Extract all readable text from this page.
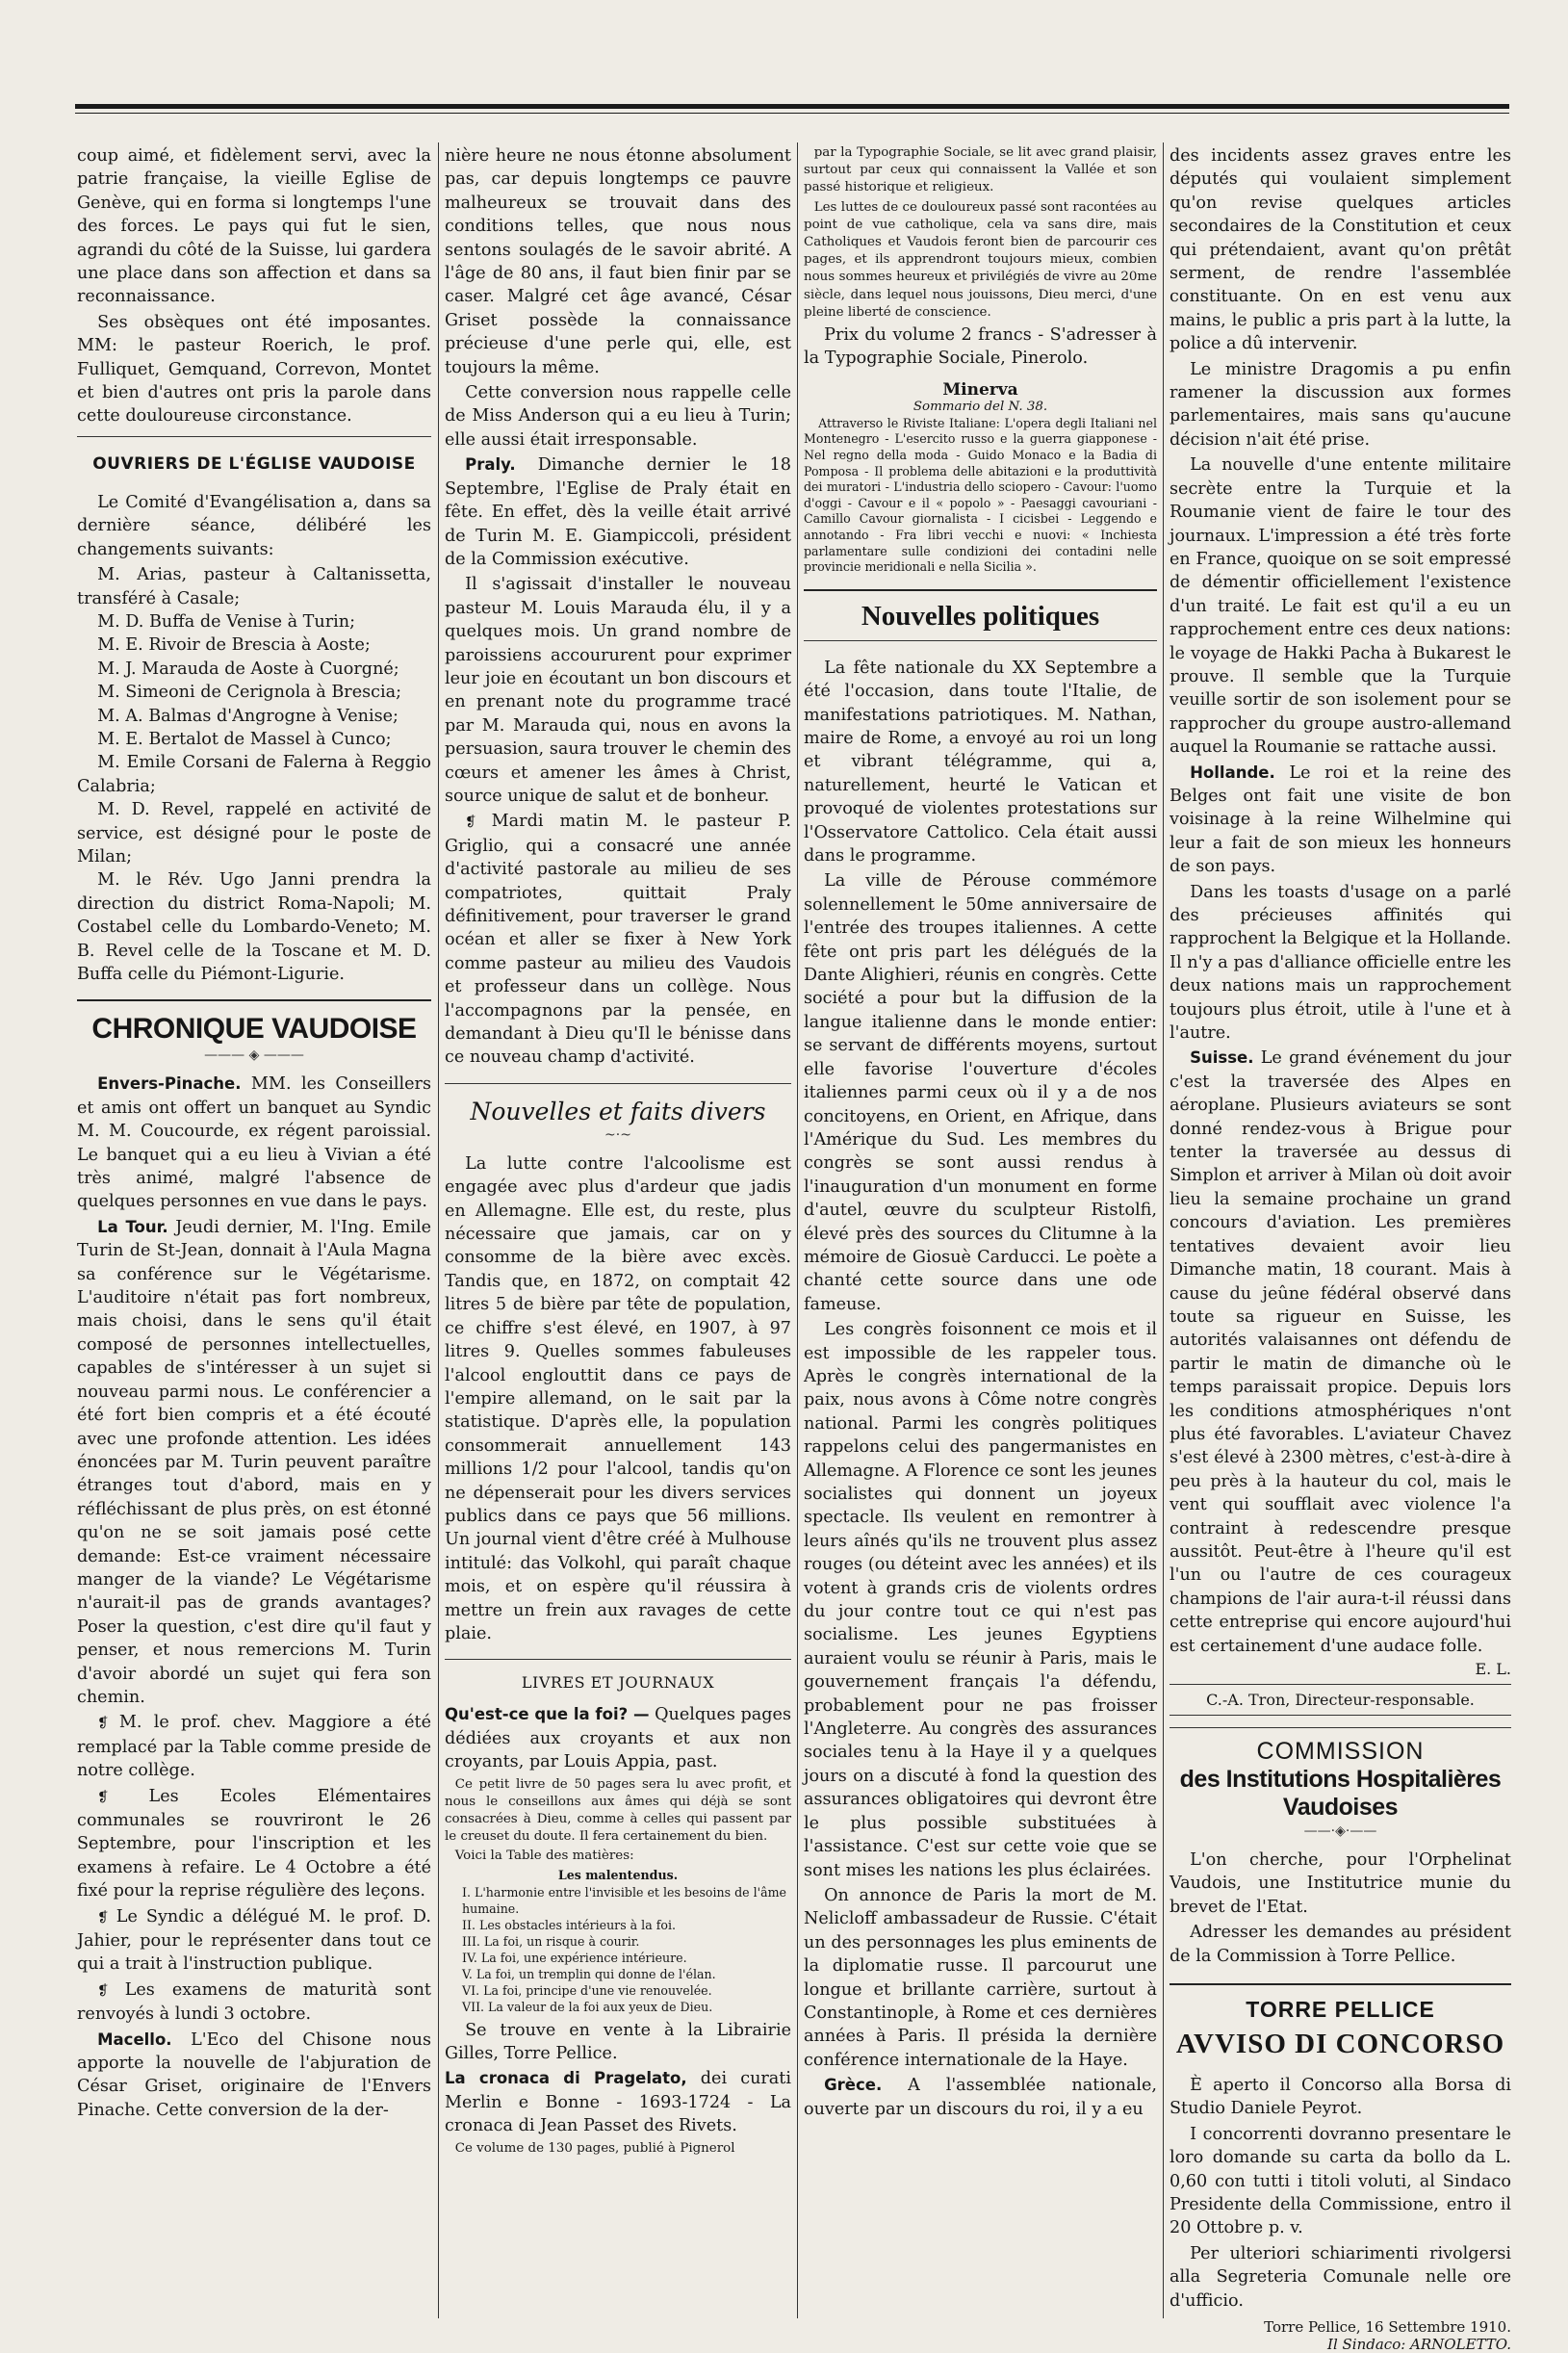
coup aimé, et fidèlement servi, avec la patrie française, la vieille Eglise de Genève, qui en forma si longtemps l'une des forces. Le pays qui fut le sien, agrandi du côté de la Suisse, lui gardera une place dans son affection et dans sa reconnaissance.

Ses obsèques ont été imposantes. MM: le pasteur Roerich, le prof. Fulliquet, Gemquand, Correvon, Montet et bien d'autres ont pris la parole dans cette douloureuse circonstance.

OUVRIERS DE L'ÉGLISE VAUDOISE

Le Comité d'Evangélisation a, dans sa dernière séance, délibéré les changements suivants:

M. Arias, pasteur à Caltanissetta, transféré à Casale;
M. D. Buffa de Venise à Turin;
M. E. Rivoir de Brescia à Aoste;
M. J. Marauda de Aoste à Cuorgné;
M. Simeoni de Cerignola à Brescia;
M. A. Balmas d'Angrogne à Venise;
M. E. Bertalot de Massel à Cunco;
M. Emile Corsani de Falerna à Reggio Calabria;
M. D. Revel, rappelé en activité de service, est désigné pour le poste de Milan;
M. le Rév. Ugo Janni prendra la direction du district Roma-Napoli; M. Costabel celle du Lombardo-Veneto; M. B. Revel celle de la Toscane et M. D. Buffa celle du Piémont-Ligurie.
CHRONIQUE VAUDOISE
——— ◈ ———

Envers-Pinache. MM. les Conseillers et amis ont offert un banquet au Syndic M. M. Coucourde, ex régent paroissial. Le banquet qui a eu lieu à Vivian a été très animé, malgré l'absence de quelques personnes en vue dans le pays.

La Tour. Jeudi dernier, M. l'Ing. Emile Turin de St-Jean, donnait à l'Aula Magna sa conférence sur le Végétarisme. L'auditoire n'était pas fort nombreux, mais choisi, dans le sens qu'il était composé de personnes intellectuelles, capables de s'intéresser à un sujet si nouveau parmi nous. Le conférencier a été fort bien compris et a été écouté avec une profonde attention. Les idées énoncées par M. Turin peuvent paraître étranges tout d'abord, mais en y réfléchissant de plus près, on est étonné qu'on ne se soit jamais posé cette demande: Est-ce vraiment nécessaire manger de la viande? Le Végétarisme n'aurait-il pas de grands avantages? Poser la question, c'est dire qu'il faut y penser, et nous remercions M. Turin d'avoir abordé un sujet qui fera son chemin.

❡ M. le prof. chev. Maggiore a été remplacé par la Table comme preside de notre collège.

❡ Les Ecoles Elémentaires communales se rouvriront le 26 Septembre, pour l'inscription et les examens à refaire. Le 4 Octobre a été fixé pour la reprise régulière des leçons.

❡ Le Syndic a délégué M. le prof. D. Jahier, pour le représenter dans tout ce qui a trait à l'instruction publique.

❡ Les examens de maturità sont renvoyés à lundi 3 octobre.

Macello. L'Eco del Chisone nous apporte la nouvelle de l'abjuration de César Griset, originaire de l'Envers Pinache. Cette conversion de la der-

nière heure ne nous étonne absolument pas, car depuis longtemps ce pauvre malheureux se trouvait dans des conditions telles, que nous nous sentons soulagés de le savoir abrité. A l'âge de 80 ans, il faut bien finir par se caser. Malgré cet âge avancé, César Griset possède la connaissance précieuse d'une perle qui, elle, est toujours la même.

Cette conversion nous rappelle celle de Miss Anderson qui a eu lieu à Turin; elle aussi était irresponsable.

Praly. Dimanche dernier le 18 Septembre, l'Eglise de Praly était en fête. En effet, dès la veille était arrivé de Turin M. E. Giampiccoli, président de la Commission exécutive.

Il s'agissait d'installer le nouveau pasteur M. Louis Marauda élu, il y a quelques mois. Un grand nombre de paroissiens accoururent pour exprimer leur joie en écoutant un bon discours et en prenant note du programme tracé par M. Marauda qui, nous en avons la persuasion, saura trouver le chemin des cœurs et amener les âmes à Christ, source unique de salut et de bonheur.

❡ Mardi matin M. le pasteur P. Griglio, qui a consacré une année d'activité pastorale au milieu de ses compatriotes, quittait Praly définitivement, pour traverser le grand océan et aller se fixer à New York comme pasteur au milieu des Vaudois et professeur dans un collège. Nous l'accompagnons par la pensée, en demandant à Dieu qu'Il le bénisse dans ce nouveau champ d'activité.

Nouvelles et faits divers
~·~

La lutte contre l'alcoolisme est engagée avec plus d'ardeur que jadis en Allemagne. Elle est, du reste, plus nécessaire que jamais, car on y consomme de la bière avec excès. Tandis que, en 1872, on comptait 42 litres 5 de bière par tête de population, ce chiffre s'est élevé, en 1907, à 97 litres 9. Quelles sommes fabuleuses l'alcool englouttit dans ce pays de l'empire allemand, on le sait par la statistique. D'après elle, la population consommerait annuellement 143 millions 1/2 pour l'alcool, tandis qu'on ne dépenserait pour les divers services publics dans ce pays que 56 millions. Un journal vient d'être créé à Mulhouse intitulé: das Volkohl, qui paraît chaque mois, et on espère qu'il réussira à mettre un frein aux ravages de cette plaie.

LIVRES ET JOURNAUX

Qu'est-ce que la foi? — Quelques pages dédiées aux croyants et aux non croyants, par Louis Appia, past.

Ce petit livre de 50 pages sera lu avec profit, et nous le conseillons aux âmes qui déjà se sont consacrées à Dieu, comme à celles qui passent par le creuset du doute. Il fera certainement du bien.

Voici la Table des matières:

Les malentendus.
I. L'harmonie entre l'invisible et les besoins de l'âme humaine.
II. Les obstacles intérieurs à la foi.
III. La foi, un risque à courir.
IV. La foi, une expérience intérieure.
V. La foi, un tremplin qui donne de l'élan.
VI. La foi, principe d'une vie renouvelée.
VII. La valeur de la foi aux yeux de Dieu.

Se trouve en vente à la Librairie Gilles, Torre Pellice.

La cronaca di Pragelato, dei curati Merlin e Bonne - 1693-1724 - La cronaca di Jean Passet des Rivets.

Ce volume de 130 pages, publié à Pignerol

par la Typographie Sociale, se lit avec grand plaisir, surtout par ceux qui connaissent la Vallée et son passé historique et religieux.

Les luttes de ce douloureux passé sont racontées au point de vue catholique, cela va sans dire, mais Catholiques et Vaudois feront bien de parcourir ces pages, et ils apprendront toujours mieux, combien nous sommes heureux et privilégiés de vivre au 20me siècle, dans lequel nous jouissons, Dieu merci, d'une pleine liberté de conscience.

Prix du volume 2 francs - S'adresser à la Typographie Sociale, Pinerolo.

Minerva
Sommario del N. 38.

Attraverso le Riviste Italiane: L'opera degli Italiani nel Montenegro - L'esercito russo e la guerra giapponese - Nel regno della moda - Guido Monaco e la Badia di Pomposa - Il problema delle abitazioni e la produttività dei muratori - L'industria dello sciopero - Cavour: l'uomo d'oggi - Cavour e il « popolo » - Paesaggi cavouriani - Camillo Cavour giornalista - I cicisbei - Leggendo e annotando - Fra libri vecchi e nuovi: « Inchiesta parlamentare sulle condizioni dei contadini nelle provincie meridionali e nella Sicilia ».

Nouvelles politiques

La fête nationale du XX Septembre a été l'occasion, dans toute l'Italie, de manifestations patriotiques. M. Nathan, maire de Rome, a envoyé au roi un long et vibrant télégramme, qui a, naturellement, heurté le Vatican et provoqué de violentes protestations sur l'Osservatore Cattolico. Cela était aussi dans le programme.

La ville de Pérouse commémore solennellement le 50me anniversaire de l'entrée des troupes italiennes. A cette fête ont pris part les délégués de la Dante Alighieri, réunis en congrès. Cette société a pour but la diffusion de la langue italienne dans le monde entier: se servant de différents moyens, surtout elle favorise l'ouverture d'écoles italiennes parmi ceux où il y a de nos concitoyens, en Orient, en Afrique, dans l'Amérique du Sud. Les membres du congrès se sont aussi rendus à l'inauguration d'un monument en forme d'autel, œuvre du sculpteur Ristolfi, élevé près des sources du Clitumne à la mémoire de Giosuè Carducci. Le poète a chanté cette source dans une ode fameuse.

Les congrès foisonnent ce mois et il est impossible de les rappeler tous. Après le congrès international de la paix, nous avons à Côme notre congrès national. Parmi les congrès politiques rappelons celui des pangermanistes en Allemagne. A Florence ce sont les jeunes socialistes qui donnent un joyeux spectacle. Ils veulent en remontrer à leurs aînés qu'ils ne trouvent plus assez rouges (ou déteint avec les années) et ils votent à grands cris de violents ordres du jour contre tout ce qui n'est pas socialisme. Les jeunes Egyptiens auraient voulu se réunir à Paris, mais le gouvernement français l'a défendu, probablement pour ne pas froisser l'Angleterre. Au congrès des assurances sociales tenu à la Haye il y a quelques jours on a discuté à fond la question des assurances obligatoires qui devront être le plus possible substituées à l'assistance. C'est sur cette voie que se sont mises les nations les plus éclairées.

On annonce de Paris la mort de M. Nelicloff ambassadeur de Russie. C'était un des personnages les plus eminents de la diplomatie russe. Il parcourut une longue et brillante carrière, surtout à Constantinople, à Rome et ces dernières années à Paris. Il présida la dernière conférence internationale de la Haye.

Grèce. A l'assemblée nationale, ouverte par un discours du roi, il y a eu

des incidents assez graves entre les députés qui voulaient simplement qu'on revise quelques articles secondaires de la Constitution et ceux qui prétendaient, avant qu'on prêtât serment, de rendre l'assemblée constituante. On en est venu aux mains, le public a pris part à la lutte, la police a dû intervenir.

Le ministre Dragomis a pu enfin ramener la discussion aux formes parlementaires, mais sans qu'aucune décision n'ait été prise.

La nouvelle d'une entente militaire secrète entre la Turquie et la Roumanie vient de faire le tour des journaux. L'impression a été très forte en France, quoique on se soit empressé de démentir officiellement l'existence d'un traité. Le fait est qu'il a eu un rapprochement entre ces deux nations: le voyage de Hakki Pacha à Bukarest le prouve. Il semble que la Turquie veuille sortir de son isolement pour se rapprocher du groupe austro-allemand auquel la Roumanie se rattache aussi.

Hollande. Le roi et la reine des Belges ont fait une visite de bon voisinage à la reine Wilhelmine qui leur a fait de son mieux les honneurs de son pays.

Dans les toasts d'usage on a parlé des précieuses affinités qui rapprochent la Belgique et la Hollande. Il n'y a pas d'alliance officielle entre les deux nations mais un rapprochement toujours plus étroit, utile à l'une et à l'autre.

Suisse. Le grand événement du jour c'est la traversée des Alpes en aéroplane. Plusieurs aviateurs se sont donné rendez-vous à Brigue pour tenter la traversée au dessus di Simplon et arriver à Milan où doit avoir lieu la semaine prochaine un grand concours d'aviation. Les premières tentatives devaient avoir lieu Dimanche matin, 18 courant. Mais à cause du jeûne fédéral observé dans toute sa rigueur en Suisse, les autorités valaisannes ont défendu de partir le matin de dimanche où le temps paraissait propice. Depuis lors les conditions atmosphériques n'ont plus été favorables. L'aviateur Chavez s'est élevé à 2300 mètres, c'est-à-dire à peu près à la hauteur du col, mais le vent qui soufflait avec violence l'a contraint à redescendre presque aussitôt. Peut-être à l'heure qu'il est l'un ou l'autre de ces courageux champions de l'air aura-t-il réussi dans cette entreprise qui encore aujourd'hui est certainement d'une audace folle.

E. L.
C.-A. Tron, Directeur-responsable.
COMMISSION
des Institutions Hospitalières Vaudoises
——·◈·——

L'on cherche, pour l'Orphelinat Vaudois, une Institutrice munie du brevet de l'Etat.

Adresser les demandes au président de la Commission à Torre Pellice.

TORRE PELLICE
AVVISO DI CONCORSO

È aperto il Concorso alla Borsa di Studio Daniele Peyrot.

I concorrenti dovranno presentare le loro domande su carta da bollo da L. 0,60 con tutti i titoli voluti, al Sindaco Presidente della Commissione, entro il 20 Ottobre p. v.

Per ulteriori schiarimenti rivolgersi alla Segreteria Comunale nelle ore d'ufficio.

Torre Pellice, 16 Settembre 1910.
Il Sindaco: ARNOLETTO.
